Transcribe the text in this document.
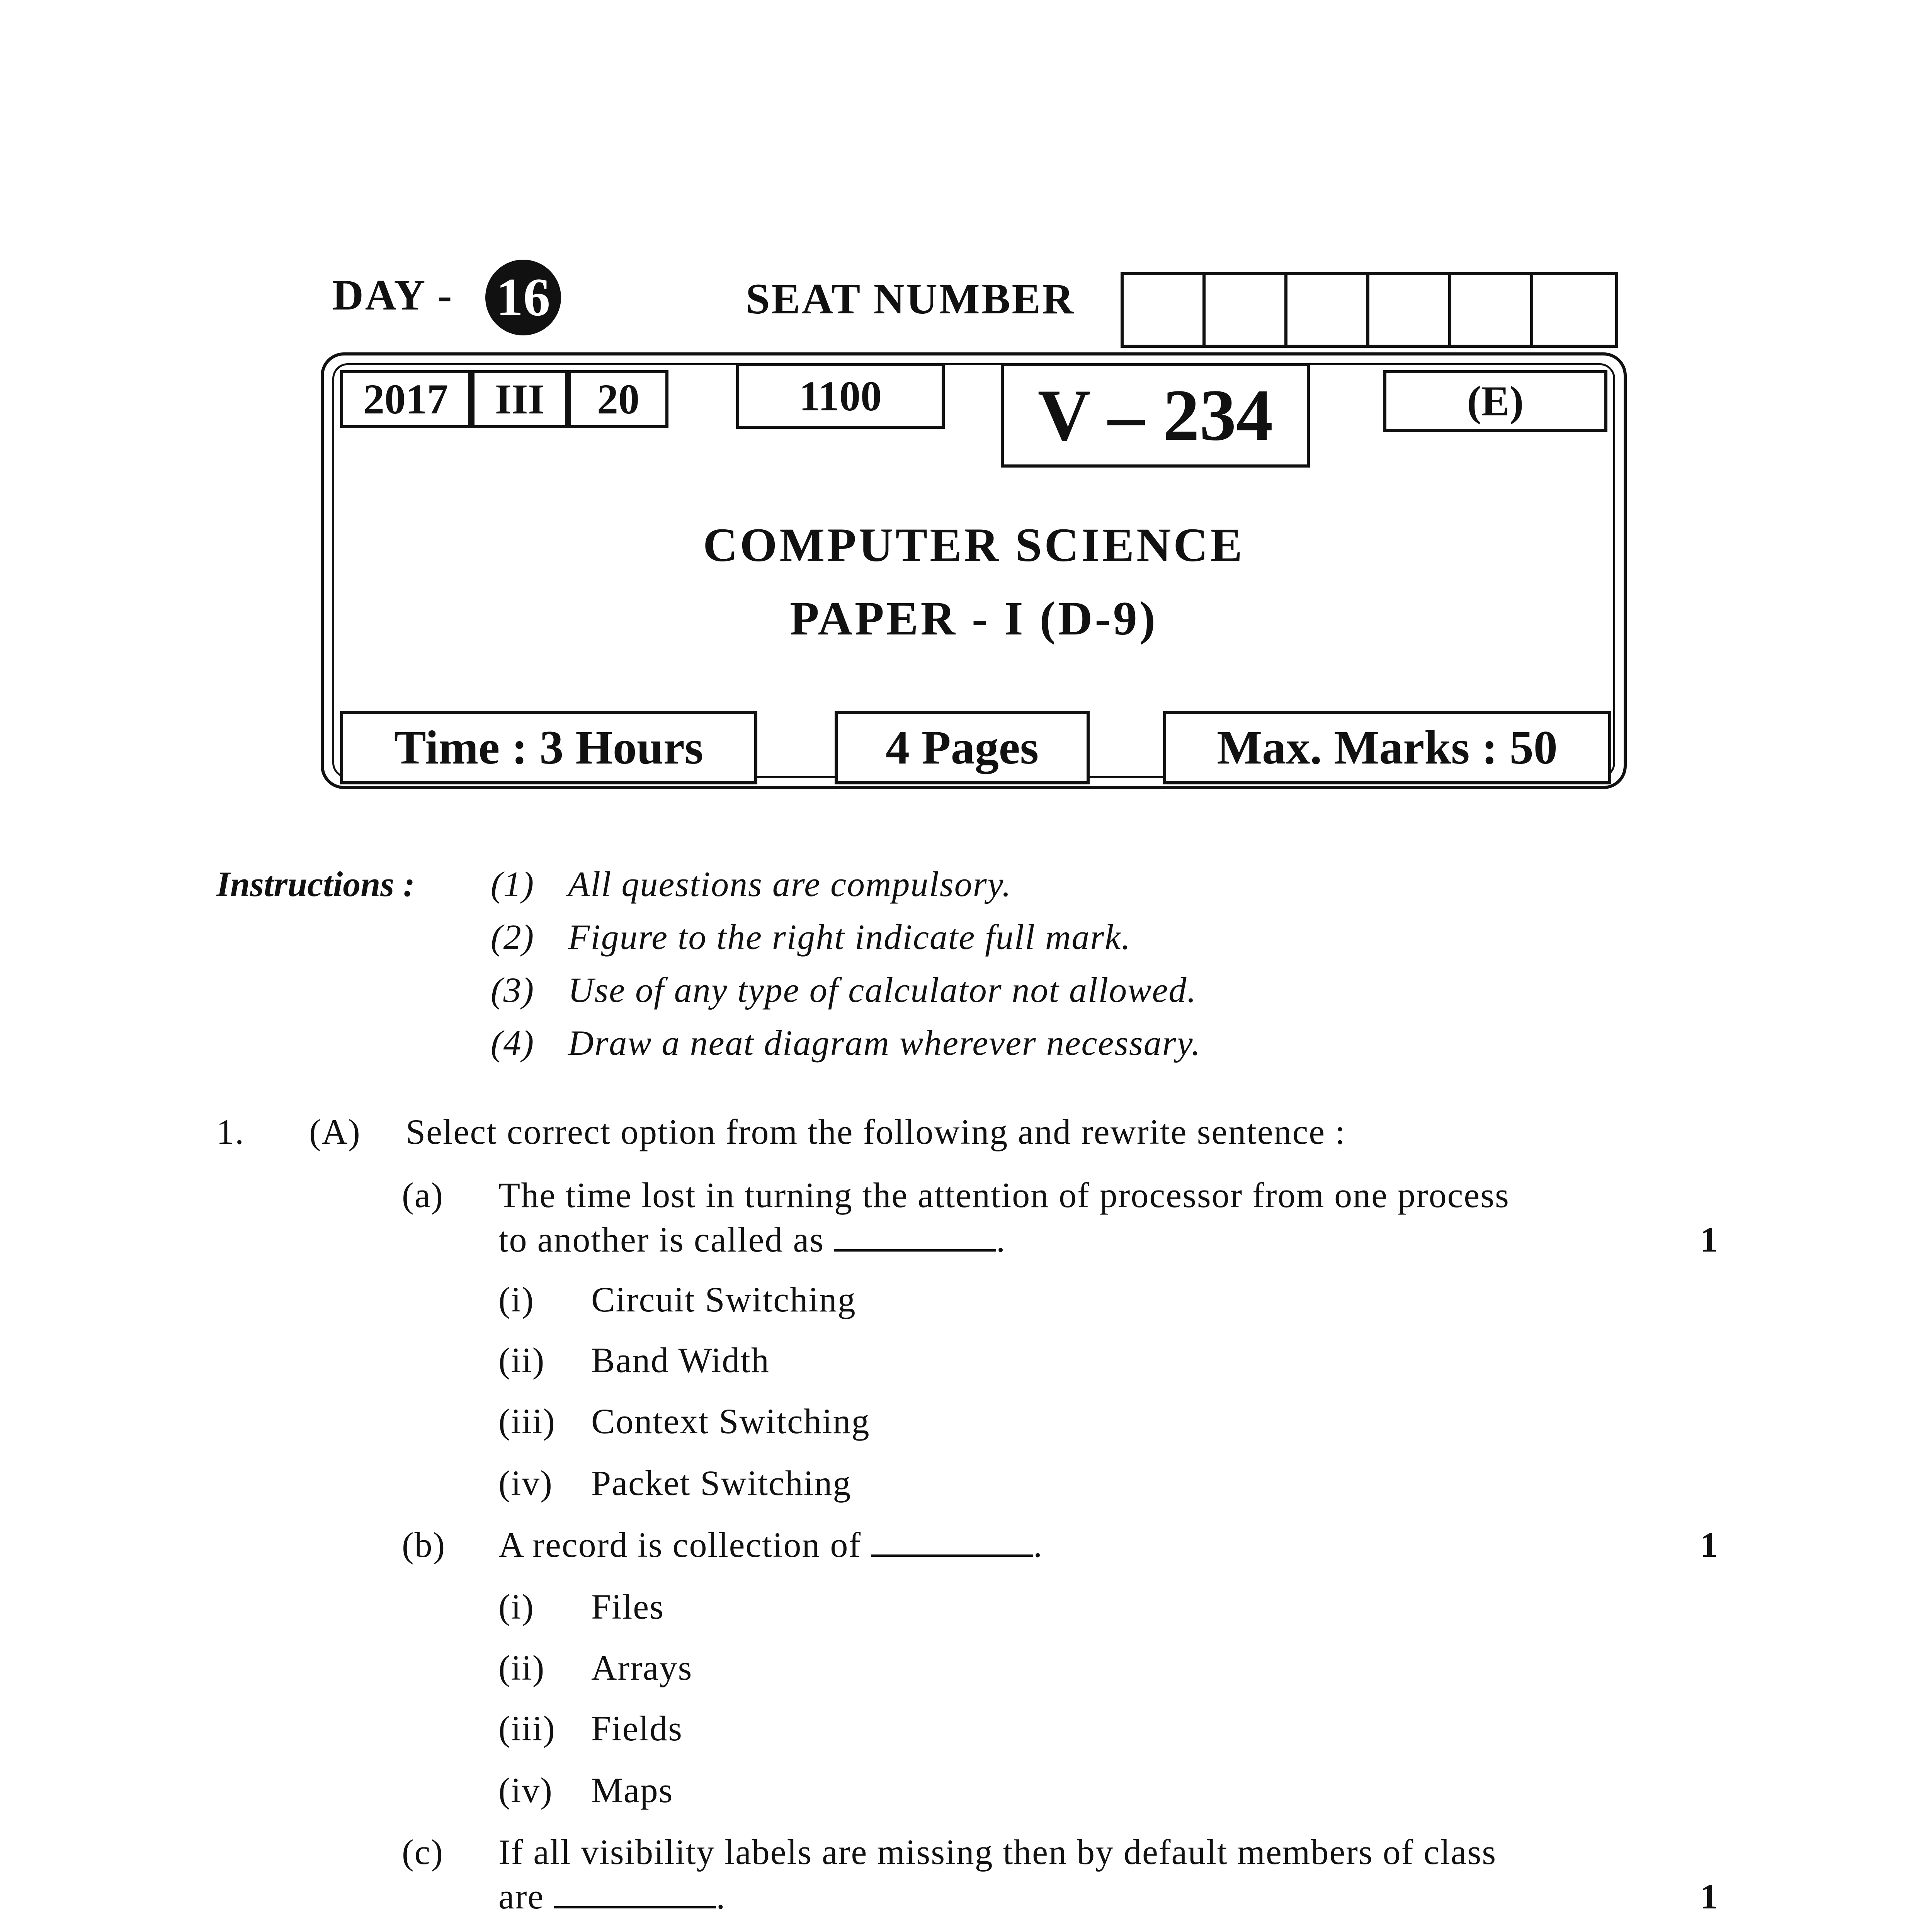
DAY - 16	SEAT NUMBER
2017	III	20	1100	V – 234	(E)
COMPUTER SCIENCE
PAPER - I (D-9)
Time : 3 Hours	4 Pages	Max. Marks : 50
Instructions : (1) All questions are compulsory.
(2) Figure to the right indicate full mark.
(3) Use of any type of calculator not allowed.
(4) Draw a neat diagram wherever necessary.
1. (A) Select correct option from the following and rewrite sentence :
(a) The time lost in turning the attention of processor from one process
to another is called as	.	1
(i) Circuit Switching
(ii) Band Width
(iii) Context Switching
(iv) Packet Switching
(b) A record is collection of	.	1
(i) Files
(ii) Arrays
(iii) Fields
(iv) Maps
(c) If all visibility labels are missing then by default members of class
are	.	1
